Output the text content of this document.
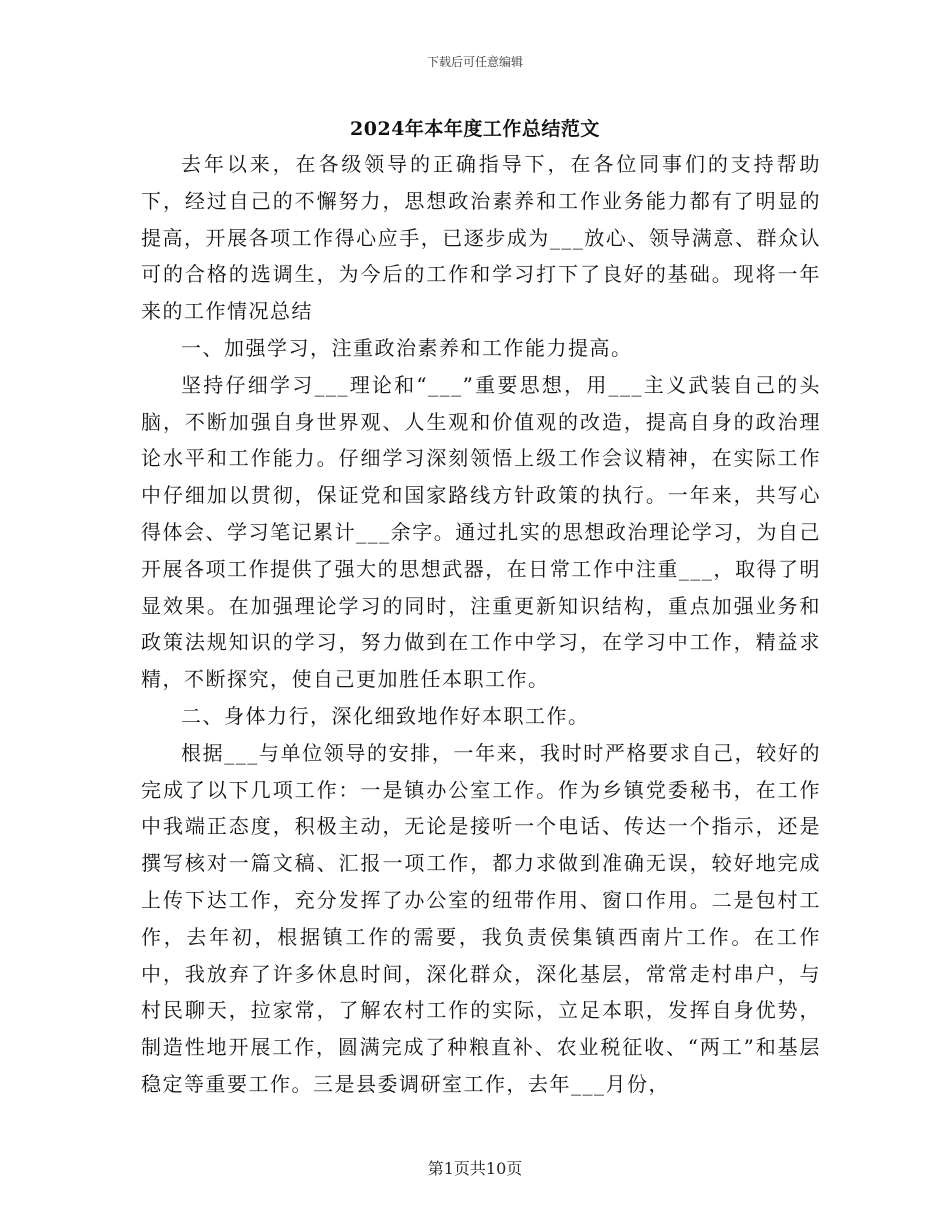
下载后可任意编辑
2024年本年度工作总结范文

去年以来，在各级领导的正确指导下，在各位同事们的支持帮助下，经过自己的不懈努力，思想政治素养和工作业务能力都有了明显的提高，开展各项工作得心应手，已逐步成为___放心、领导满意、群众认可的合格的选调生，为今后的工作和学习打下了良好的基础。现将一年来的工作情况总结

一、加强学习，注重政治素养和工作能力提高。

坚持仔细学习___理论和“___”重要思想，用___主义武装自己的头脑，不断加强自身世界观、人生观和价值观的改造，提高自身的政治理论水平和工作能力。仔细学习深刻领悟上级工作会议精神，在实际工作中仔细加以贯彻，保证党和国家路线方针政策的执行。一年来，共写心得体会、学习笔记累计___余字。通过扎实的思想政治理论学习，为自己开展各项工作提供了强大的思想武器，在日常工作中注重___，取得了明显效果。在加强理论学习的同时，注重更新知识结构，重点加强业务和政策法规知识的学习，努力做到在工作中学习，在学习中工作，精益求精，不断探究，使自己更加胜任本职工作。

二、身体力行，深化细致地作好本职工作。

根据___与单位领导的安排，一年来，我时时严格要求自己，较好的完成了以下几项工作：一是镇办公室工作。作为乡镇党委秘书，在工作中我端正态度，积极主动，无论是接听一个电话、传达一个指示，还是撰写核对一篇文稿、汇报一项工作，都力求做到准确无误，较好地完成上传下达工作，充分发挥了办公室的纽带作用、窗口作用。二是包村工作，去年初，根据镇工作的需要，我负责侯集镇西南片工作。在工作中，我放弃了许多休息时间，深化群众，深化基层，常常走村串户，与村民聊天，拉家常，了解农村工作的实际，立足本职，发挥自身优势，制造性地开展工作，圆满完成了种粮直补、农业税征收、“两工”和基层稳定等重要工作。三是县委调研室工作，去年___月份，

第1页共10页
